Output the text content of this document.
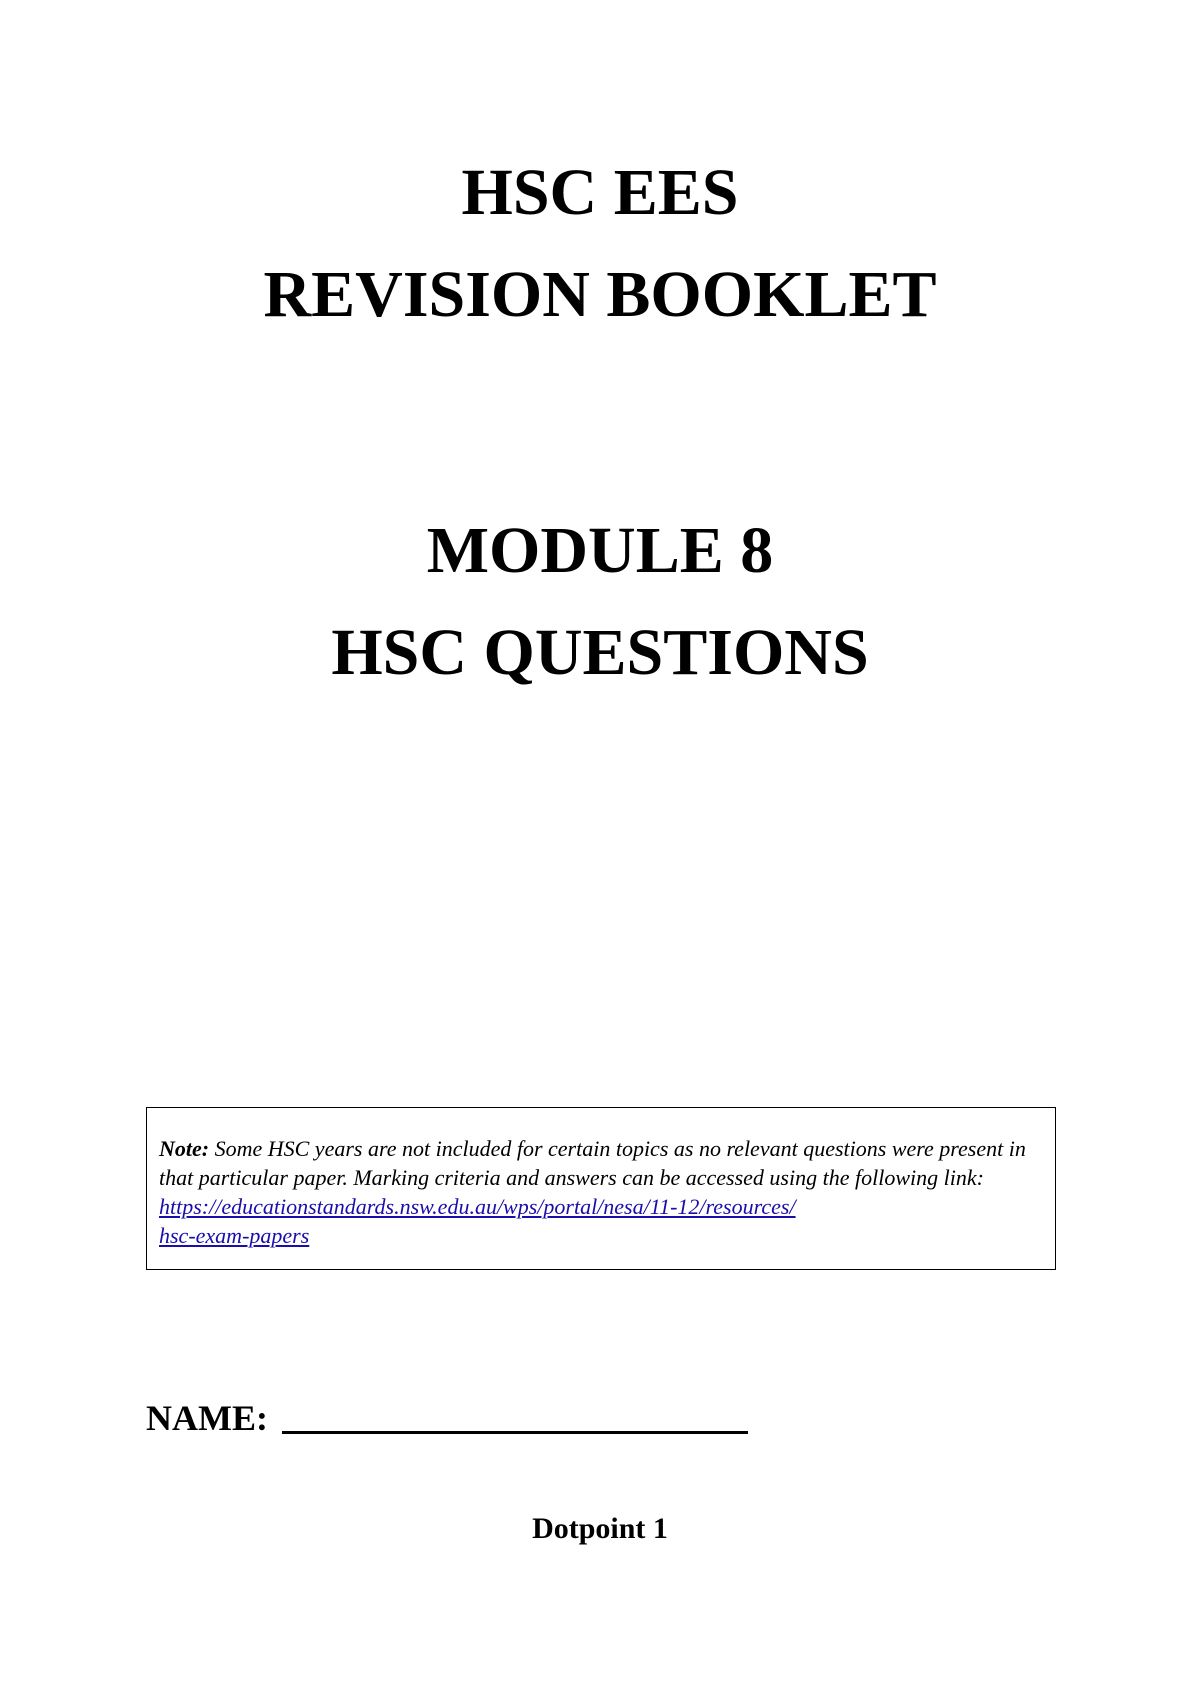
HSC EES
REVISION BOOKLET
MODULE 8
HSC QUESTIONS

Note: Some HSC years are not included for certain topics as no relevant questions were present in that particular paper. Marking criteria and answers can be accessed using the following link: https://educationstandards.nsw.edu.au/wps/portal/nesa/11-12/resources/
hsc-exam-papers

NAME:
Dotpoint 1
